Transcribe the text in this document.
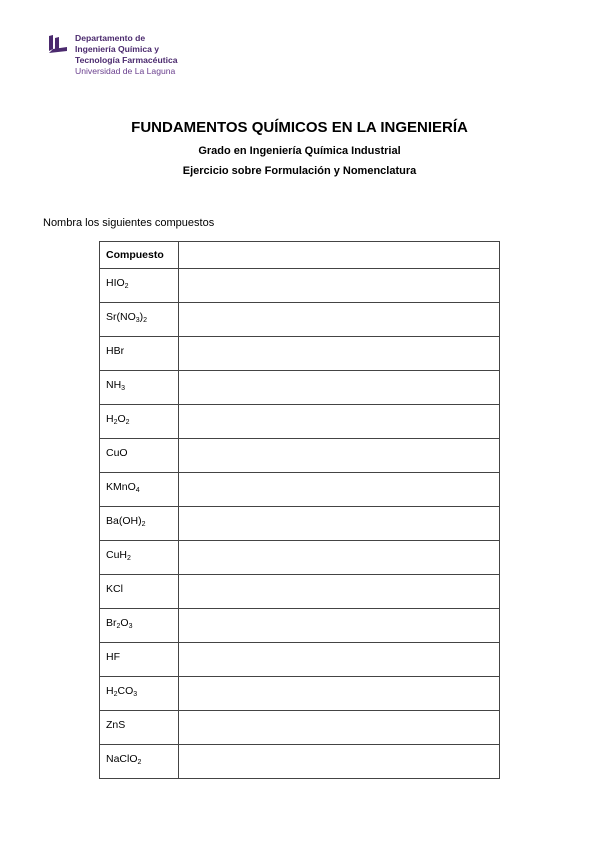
Departamento de
Ingeniería Química y
Tecnología Farmacéutica
Universidad de La Laguna
FUNDAMENTOS QUÍMICOS EN LA INGENIERÍA
Grado en Ingeniería Química Industrial
Ejercicio sobre Formulación y Nomenclatura

Nombra los siguientes compuestos

Compuesto	
$HIO_2$	
$Sr(NO_3)_2$	
HBr	
$NH_3$	
$H_2O_2$	
CuO	
KMnO$_4$	
$Ba(OH)_2$	
CuH$_2$	
KCl	
$Br_2O_3$	
HF	
$H_2CO_3$	
ZnS	
NaClO$_2$	
